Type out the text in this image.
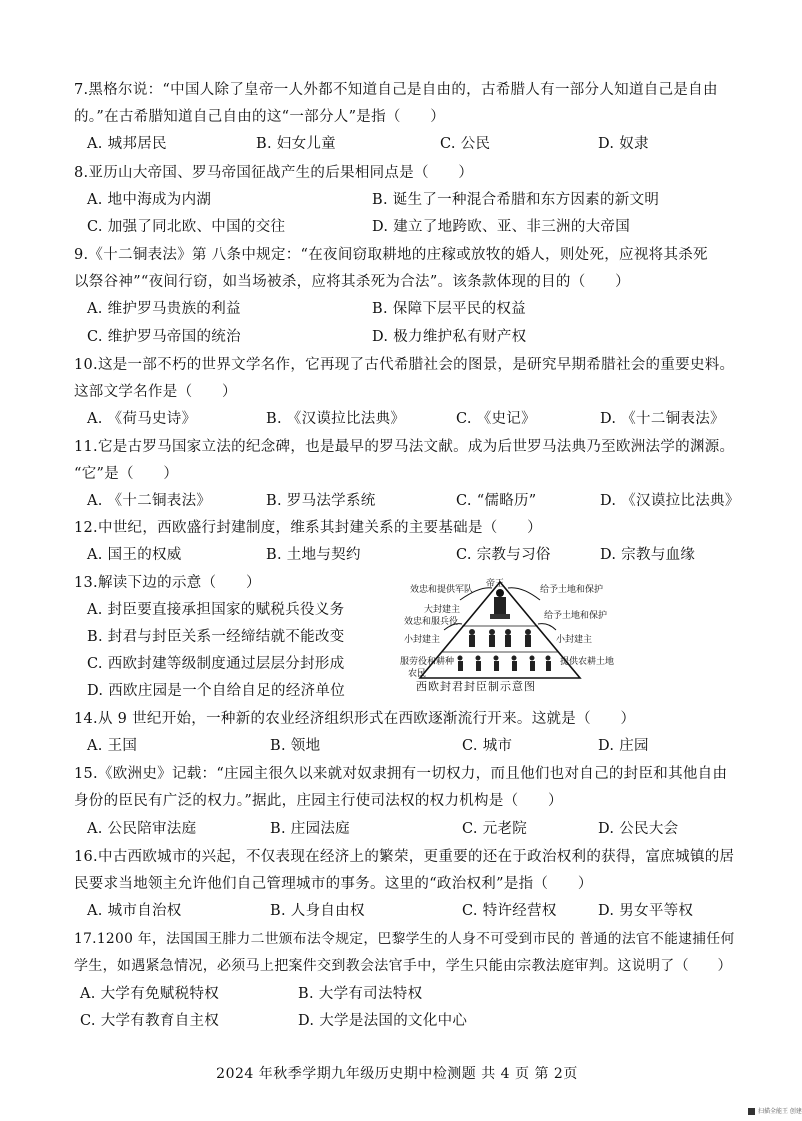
7.黑格尔说：“中国人除了皇帝一人外都不知道自己是自由的，古希腊人有一部分人知道自己是自由
的。”在古希腊知道自己自由的这“一部分人”是指（　　）
A. 城邦居民	B. 妇女儿童	C. 公民	D. 奴隶
8.亚历山大帝国、罗马帝国征战产生的后果相同点是（　　）
A. 地中海成为内湖	B. 诞生了一种混合希腊和东方因素的新文明
C. 加强了同北欧、中国的交往	D. 建立了地跨欧、亚、非三洲的大帝国
9.《十二铜表法》第 八条中规定：“在夜间窃取耕地的庄稼或放牧的婚人，则处死，应视将其杀死
以祭谷神”“夜间行窃，如当场被杀，应将其杀死为合法”。该条款体现的目的（　　）
A. 维护罗马贵族的利益	B. 保障下层平民的权益
C. 维护罗马帝国的统治	D. 极力维护私有财产权
10.这是一部不朽的世界文学名作，它再现了古代希腊社会的图景，是研究早期希腊社会的重要史料。
这部文学名作是（　　）
A. 《荷马史诗》	B. 《汉谟拉比法典》	C. 《史记》	D. 《十二铜表法》
11.它是古罗马国家立法的纪念碑，也是最早的罗马法文献。成为后世罗马法典乃至欧洲法学的渊源。
“它”是（　　）
A. 《十二铜表法》	B. 罗马法学系统	C. “儒略历”	D. 《汉谟拉比法典》
12.中世纪，西欧盛行封建制度，维系其封建关系的主要基础是（　　）
A. 国王的权威	B. 土地与契约	C. 宗教与习俗	D. 宗教与血缘
13.解读下边的示意（　　）
A. 封臣要直接承担国家的赋税兵役义务
B. 封君与封臣关系一经缔结就不能改变
C. 西欧封建等级制度通过层层分封形成
D. 西欧庄园是一个自给自足的经济单位
效忠和提供军队
帝王
给予土地和保护
大封建主
效忠和服兵役
给予土地和保护
小封建主	小封建主
服劳役和耕种	提供农耕土地
农民
西欧封君封臣制示意图
14.从 9 世纪开始，一种新的农业经济组织形式在西欧逐渐流行开来。这就是（　　）
A. 王国	B. 领地	C. 城市	D. 庄园
15.《欧洲史》记载：“庄园主很久以来就对奴隶拥有一切权力，而且他们也对自己的封臣和其他自由
身份的臣民有广泛的权力。”据此，庄园主行使司法权的权力机构是（　　）
A. 公民陪审法庭	B. 庄园法庭	C. 元老院	D. 公民大会
16.中古西欧城市的兴起，不仅表现在经济上的繁荣，更重要的还在于政治权利的获得，富庶城镇的居
民要求当地领主允许他们自己管理城市的事务。这里的“政治权利”是指（　　）
A. 城市自治权	B. 人身自由权	C. 特许经营权	D. 男女平等权
17.1200 年，法国国王腓力二世颁布法令规定，巴黎学生的人身不可受到市民的 普通的法官不能逮捕任何
学生，如遇紧急情况，必须马上把案件交到教会法官手中，学生只能由宗教法庭审判。这说明了（　　）
A. 大学有免赋税特权	B. 大学有司法特权
C. 大学有教育自主权	D. 大学是法国的文化中心
2024 年秋季学期九年级历史期中检测题 共 4 页 第 2页
扫描全能王 创建
